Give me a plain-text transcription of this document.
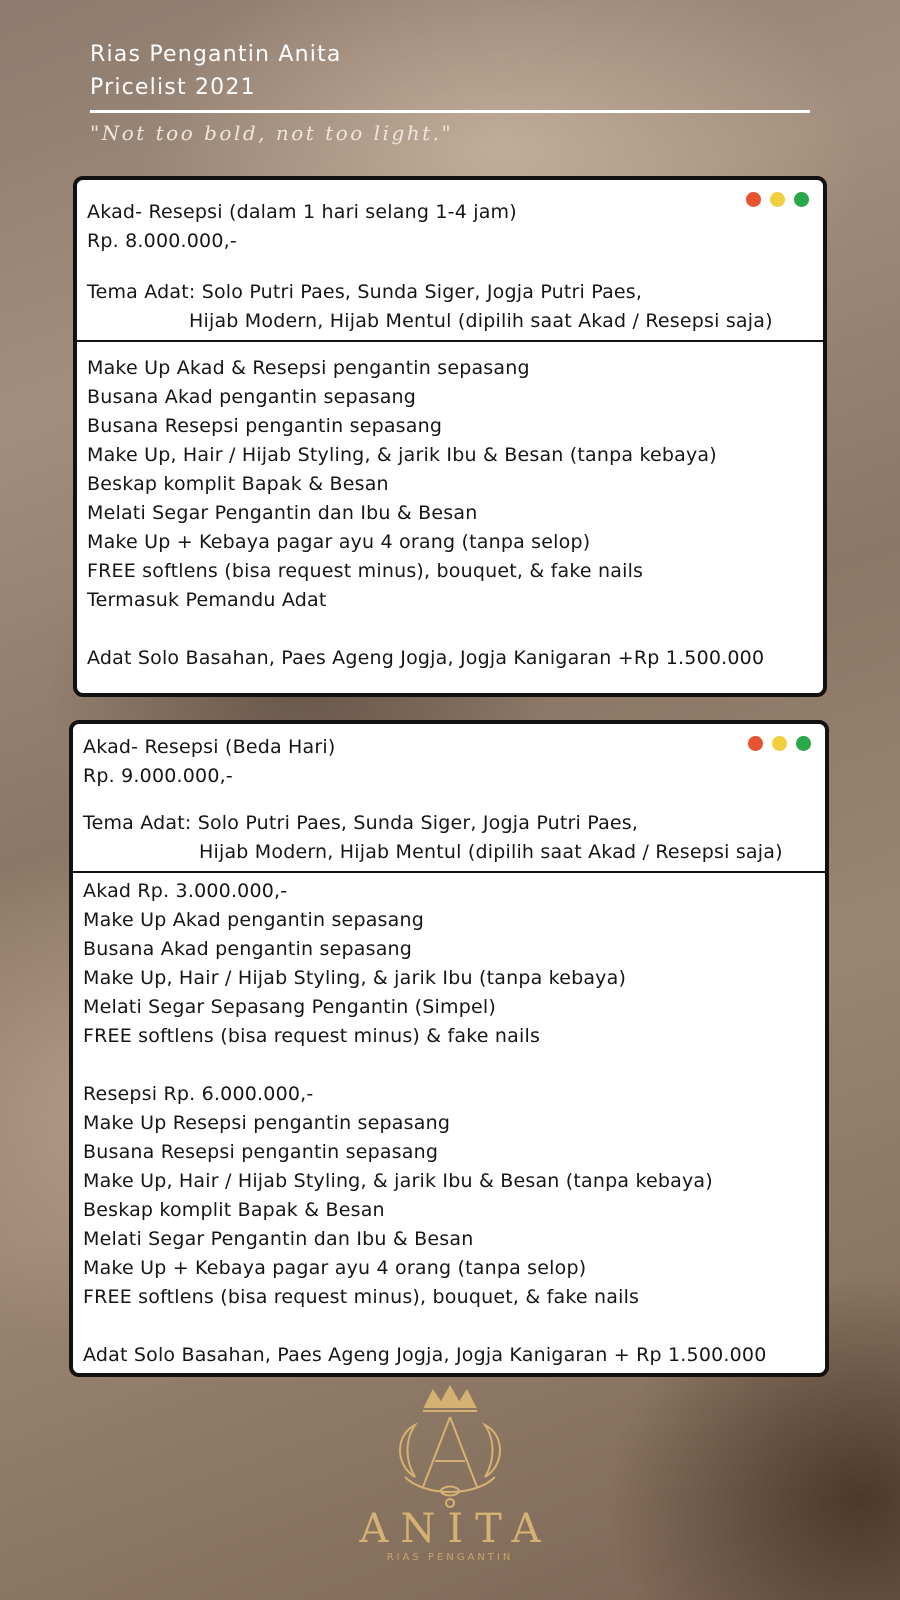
Rias Pengantin Anita
Pricelist 2021
"Not too bold, not too light."
Akad- Resepsi (dalam 1 hari selang 1-4 jam)
Rp. 8.000.000,-
Tema Adat: Solo Putri Paes, Sunda Siger, Jogja Putri Paes,
Hijab Modern, Hijab Mentul (dipilih saat Akad / Resepsi saja)
Make Up Akad & Resepsi pengantin sepasang
Busana Akad pengantin sepasang
Busana Resepsi pengantin sepasang
Make Up, Hair / Hijab Styling, & jarik Ibu & Besan (tanpa kebaya)
Beskap komplit Bapak & Besan
Melati Segar Pengantin dan Ibu & Besan
Make Up + Kebaya pagar ayu 4 orang (tanpa selop)
FREE softlens (bisa request minus), bouquet, & fake nails
Termasuk Pemandu Adat
Adat Solo Basahan, Paes Ageng Jogja, Jogja Kanigaran +Rp 1.500.000
Akad- Resepsi (Beda Hari)
Rp. 9.000.000,-
Tema Adat: Solo Putri Paes, Sunda Siger, Jogja Putri Paes,
Hijab Modern, Hijab Mentul (dipilih saat Akad / Resepsi saja)
Akad Rp. 3.000.000,-
Make Up Akad pengantin sepasang
Busana Akad pengantin sepasang
Make Up, Hair / Hijab Styling, & jarik Ibu (tanpa kebaya)
Melati Segar Sepasang Pengantin (Simpel)
FREE softlens (bisa request minus) & fake nails
Resepsi Rp. 6.000.000,-
Make Up Resepsi pengantin sepasang
Busana Resepsi pengantin sepasang
Make Up, Hair / Hijab Styling, & jarik Ibu & Besan (tanpa kebaya)
Beskap komplit Bapak & Besan
Melati Segar Pengantin dan Ibu & Besan
Make Up + Kebaya pagar ayu 4 orang (tanpa selop)
FREE softlens (bisa request minus), bouquet, & fake nails
Adat Solo Basahan, Paes Ageng Jogja, Jogja Kanigaran + Rp 1.500.000
ANITA
RIAS PENGANTIN
